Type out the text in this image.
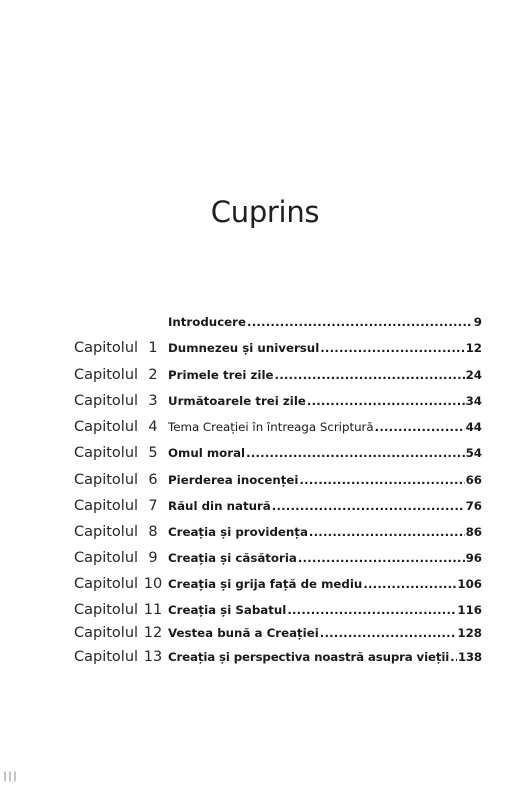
Cuprins
Introducere .....	9
Capitolul 1 Dumnezeu și universul .....	12
Capitolul 2 Primele trei zile .....	24
Capitolul 3 Următoarele trei zile .....	34
Capitolul 4 Tema Creației în întreaga Scriptură .....	44
Capitolul 5 Omul moral .....	54
Capitolul 6 Pierderea inocenței .....	66
Capitolul 7 Răul din natură .....	76
Capitolul 8 Creația și providența .....	86
Capitolul 9 Creația și căsătoria .....	96
Capitolul 10 Creația și grija față de mediu .....	106
Capitolul 11 Creația și Sabatul .....	116
Capitolul 12 Vestea bună a Creației .....	128
Capitolul 13 Creația și perspectiva noastră asupra vieții ..... 138
|||
